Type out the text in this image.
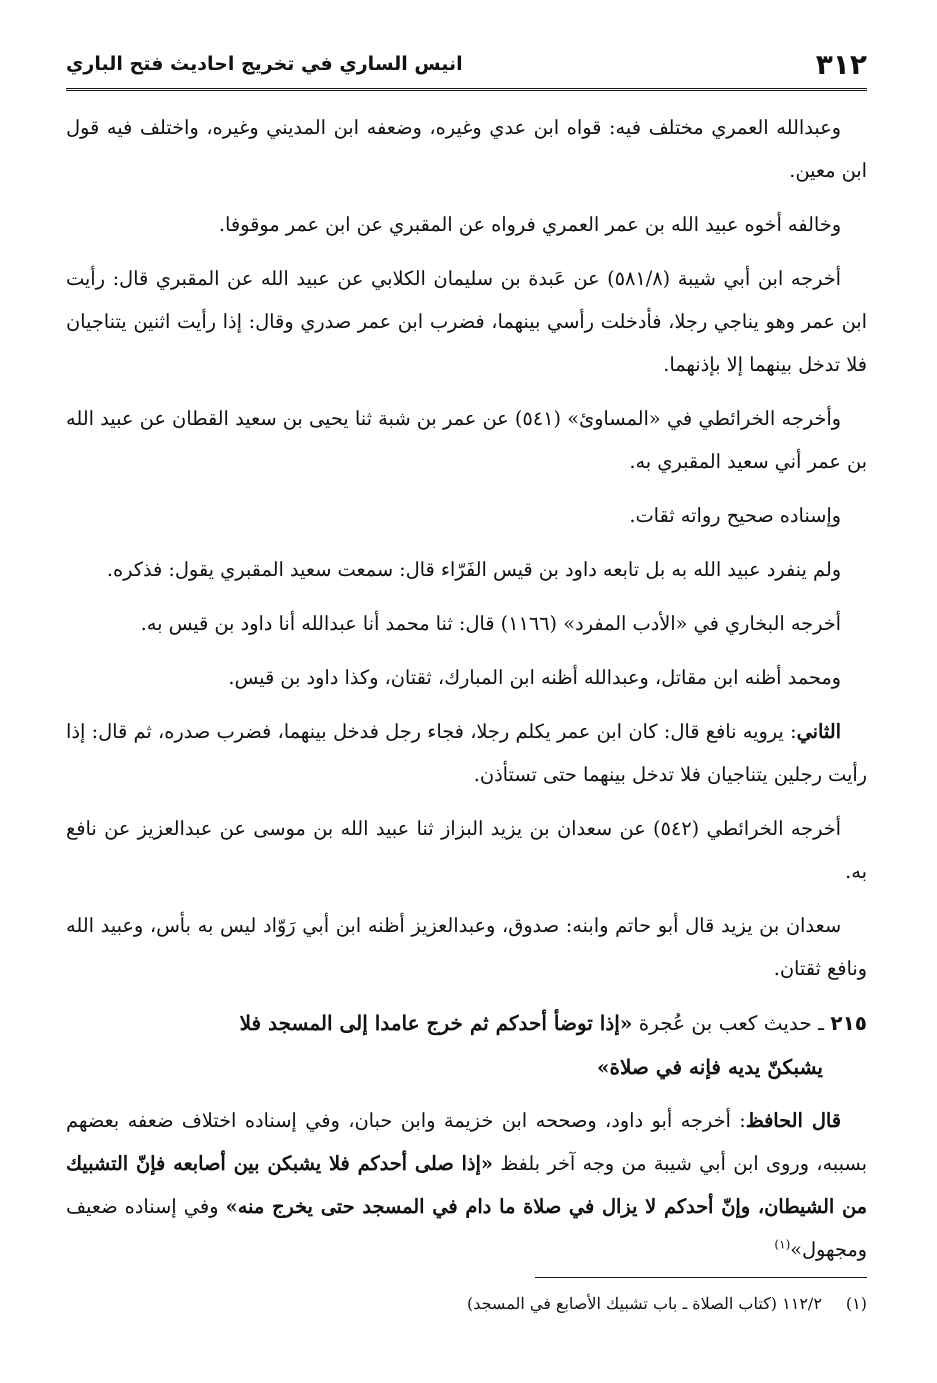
٣١٢
انيس الساري في تخريج احاديث فتح الباري

وعبدالله العمري مختلف فيه: قواه ابن عدي وغيره، وضعفه ابن المديني وغيره، واختلف فيه قول ابن معين.

وخالفه أخوه عبيد الله بن عمر العمري فرواه عن المقبري عن ابن عمر موقوفا.

أخرجه ابن أبي شيبة (٥٨١/٨) عن عَبدة بن سليمان الكلابي عن عبيد الله عن المقبري قال: رأيت ابن عمر وهو يناجي رجلا، فأدخلت رأسي بينهما، فضرب ابن عمر صدري وقال: إذا رأيت اثنين يتناجيان فلا تدخل بينهما إلا بإذنهما.

وأخرجه الخرائطي في «المساوئ» (٥٤١) عن عمر بن شبة ثنا يحيى بن سعيد القطان عن عبيد الله بن عمر أني سعيد المقبري به.

وإسناده صحيح رواته ثقات.

ولم ينفرد عبيد الله به بل تابعه داود بن قيس الفَرّاء قال: سمعت سعيد المقبري يقول: فذكره.

أخرجه البخاري في «الأدب المفرد» (١١٦٦) قال: ثنا محمد أنا عبدالله أنا داود بن قيس به.

ومحمد أظنه ابن مقاتل، وعبدالله أظنه ابن المبارك، ثقتان، وكذا داود بن قيس.

الثاني: يرويه نافع قال: كان ابن عمر يكلم رجلا، فجاء رجل فدخل بينهما، فضرب صدره، ثم قال: إذا رأيت رجلين يتناجيان فلا تدخل بينهما حتى تستأذن.

أخرجه الخرائطي (٥٤٢) عن سعدان بن يزيد البزاز ثنا عبيد الله بن موسى عن عبدالعزيز عن نافع به.

سعدان بن يزيد قال أبو حاتم وابنه: صدوق، وعبدالعزيز أظنه ابن أبي رَوّاد ليس به بأس، وعبيد الله ونافع ثقتان.

٢١٥ ـ حديث كعب بن عُجرة «إذا توضأ أحدكم ثم خرج عامدا إلى المسجد فلا
يشبكنّ يديه فإنه في صلاة»

قال الحافظ: أخرجه أبو داود، وصححه ابن خزيمة وابن حبان، وفي إسناده اختلاف ضعفه بعضهم بسببه، وروى ابن أبي شيبة من وجه آخر بلفظ «إذا صلى أحدكم فلا يشبكن بين أصابعه فإنّ التشبيك من الشيطان، وإنّ أحدكم لا يزال في صلاة ما دام في المسجد حتى يخرج منه» وفي إسناده ضعيف ومجهول»$^{(١)}$

(١)١١٢/٢ (كتاب الصلاة ـ باب تشبيك الأصابع في المسجد)
